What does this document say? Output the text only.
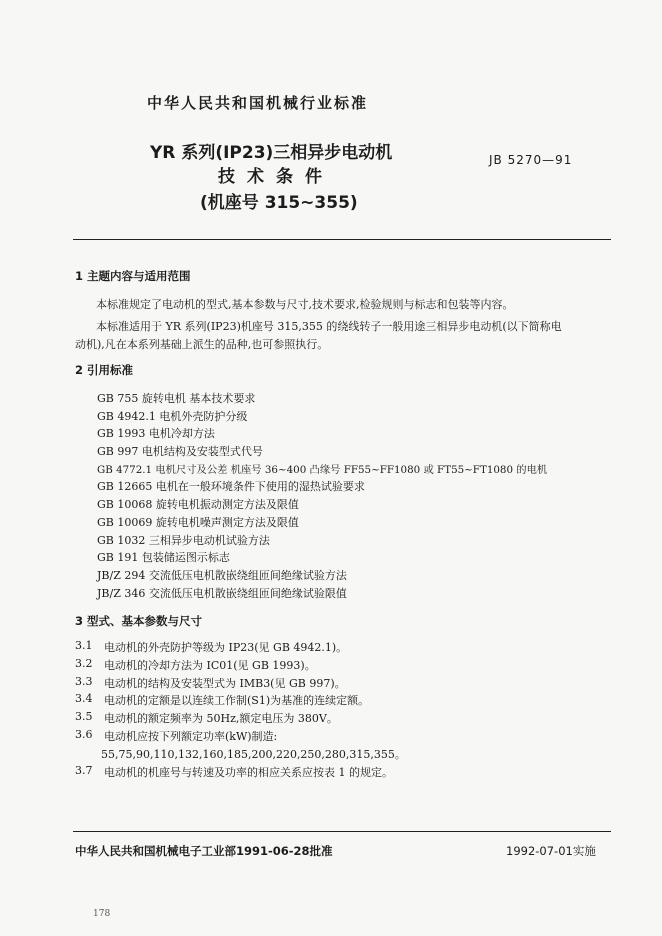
中华人民共和国机械行业标准
YR 系列(IP23)三相异步电动机
技术条件
(机座号 315~355)
JB 5270—91
1 主题内容与适用范围
本标准规定了电动机的型式,基本参数与尺寸,技术要求,检验规则与标志和包装等内容。
本标准适用于 YR 系列(IP23)机座号 315,355 的绕线转子一般用途三相异步电动机(以下简称电
动机),凡在本系列基础上派生的品种,也可参照执行。
2 引用标准
GB 755 旋转电机 基本技术要求
GB 4942.1 电机外壳防护分级
GB 1993 电机冷却方法
GB 997 电机结构及安装型式代号
GB 4772.1 电机尺寸及公差 机座号 36~400 凸缘号 FF55~FF1080 或 FT55~FT1080 的电机
GB 12665 电机在一般环境条件下使用的湿热试验要求
GB 10068 旋转电机振动测定方法及限值
GB 10069 旋转电机噪声测定方法及限值
GB 1032 三相异步电动机试验方法
GB 191 包装储运图示标志
JB/Z 294 交流低压电机散嵌绕组匝间绝缘试验方法
JB/Z 346 交流低压电机散嵌绕组匝间绝缘试验限值
3 型式、基本参数与尺寸
3.1 电动机的外壳防护等级为 IP23(见 GB 4942.1)。
3.2 电动机的冷却方法为 IC01(见 GB 1993)。
3.3 电动机的结构及安装型式为 IMB3(见 GB 997)。
3.4 电动机的定额是以连续工作制(S1)为基准的连续定额。
3.5 电动机的额定频率为 50Hz,额定电压为 380V。
3.6 电动机应按下列额定功率(kW)制造:
55,75,90,110,132,160,185,200,220,250,280,315,355。
3.7 电动机的机座号与转速及功率的相应关系应按表 1 的规定。
中华人民共和国机械电子工业部1991-06-28批准	1992-07-01实施
178
